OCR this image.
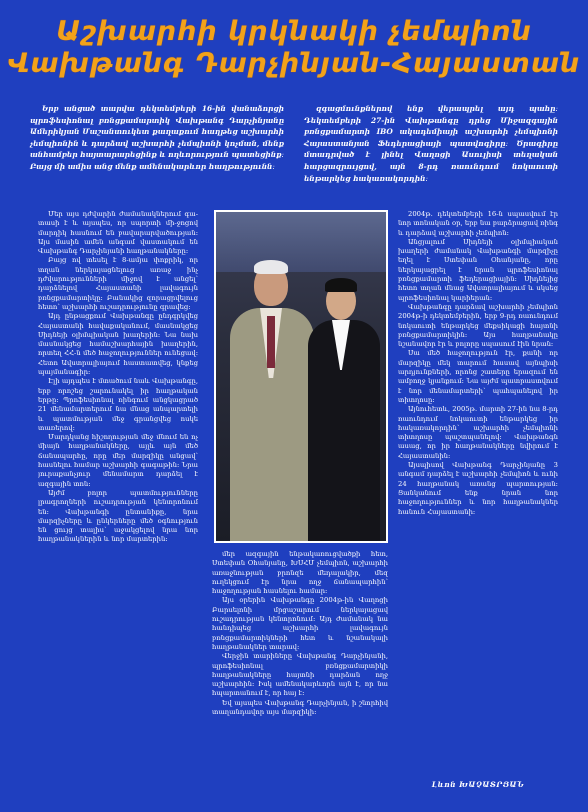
Աշխարհի կրկնակի չեմպիոն
Վախթանգ Դարչինյան-Հայաստան

Երբ անցած տարվա դեկտեմբերի 16-ին վանաձորցի պրոֆեսիոնալ բռնցքամարտիկ Վախթանգ Դարչինյանը Ամերիկյան Մաշանտուկետ քաղաքում հաղթեց աշխարհի չեմպիոնին և դարձավ աշխարհի չեմպիոնի կոչման, մենք անհամբեր հայտարարեցինք և ողևորություն պատեցինք։ Բայց մի ամիս անց մենք ամենակարևոր հաղթությունն։

զգացմունքներով ենք վերապրել այդ պահը։ Դեկտեմբերի 27-ին Վախթանգը դրեց Միջազգային բռնցքամարտի IBO ակադեմիայի աշխարհի չեմպիոնի Հայաստանյան Ֆեդերացիայի պատվոգիրը։ Ծրագիրը մտադրված է լինել Վաղոցի Ասուլիսի տեղական հարցազրույցով, այն 8-րդ ռաունդում նոկաուտի ենթարկեց հակառակորդին։

Մեր այս դժվարին ժամանակներում գա-տասի է և այսպես, որ սպորտի մի-ջոցով մարդիկ հասնում են բավարարվածության։ Այս մասին ամեն անգամ վաստակում են Վախթանգ Դարչինյանի հաղթանակները։

Բայց ով տեսել է 8-ամյա փոքրիկ, որ տղան ներկայացնելուց առաջ ինչ դժվարությունների միջով է անցել՝ դարձնելով Հայաստանի լավագույն բռնցքամարտիկը։ Բանակից զորացրվելուց հետո՝ աշխարհի ուշադրությունը գրավեց։

Այդ ընթացքում Վախթանգը ընդգրկվեց Հայաստանի հավաքականում, մասնակցեց Սիդնեյի օլիմպիական խաղերին։ Նա նախ մասնակցեց համաշխարհային խաղերին, որտեղ ՀՀ-ն մեծ հաջողություններ ունեցավ։ Հետո Ավստրալիայում հաստատվեց, կնքեց պայմանագիր։

Էլի այդպես է մտածում նաև Վախթանգը, երբ որոշեց շարունակել իր հաղթական երթը։ Պրոֆեսիոնալ ռինգում անցկացրած 21 մենամարտերում նա մնաց անպարտելի և պատմության մեջ գրանցվեց ոսկե տառերով։

Մարդկանց հիշողության մեջ մնում են ոչ միայն հաղթանակները, այլև այն մեծ ճանապարհը, որը մեր մարզիկը անցավ՝ հասնելու համար աշխարհի գագաթին։ Նրա յուրաքանչյուր մենամարտ դարձել է ազգային տոն։

Այժմ բոլոր պատմությունները լրագրողների ուշադրության կենտրոնում են։ Վախթանգի ընտանիքը, նրա մարզիչները և ընկերները մեծ օգնություն են ցույց տալիս՝ աջակցելով նրա նոր հաղթանակներին և նոր մարտերին։

մեր ազգային ենթակառուցվածքի հետ, Ստեփան Օհանյանը, ԽՍՀՄ չեմպիոն, աշխարհի առաջնության բրոնզե մեդալակիր, մեզ ուղեկցում էր նրա ողջ ճանապարհին՝ հաջողության հասնելու համար։

Այս օրերին Վախթանգը 2004թ-ին Վաղոցի Բարսելոնի մրցաշարում ներկայացավ ուշադրության կենտրոնում։ Այդ ժամանակ նա հանդիպեց աշխարհի լավագույն բռնցքամարտիկների հետ և նշանակալի հաղթանակներ տարավ։

Վերջին տարիները Վախթանգ Դարչինյանի, պրոֆեսիոնալ բռնցքամարտիկի հաղթանակները հայտնի դարձան ողջ աշխարհին։ Իսկ ամենակարևորն այն է, որ նա հպարտանում է, որ հայ է։

Եվ այսպես Վախթանգ Դարչինյան, ի շնորհիվ տաղանդավոր այս մարզիկի։

2004թ. դեկտեմբերի 16-ն սպասվում էր նոր տոնական օր, երբ նա բարձրացավ ռինգ և դարձավ աշխարհի չեմպիոն։

Անցյալում Սիդնեյի օլիմպիական խաղերի ժամանակ Վախթանգի մարզիչը եղել է Ստեփան Օհանյանը, որը ներկայացրել է նրան պրոֆեսիոնալ բռնցքամարտի ֆեդերացիային։ Սիդնեյից հետո տղան մնաց Ավստրալիայում և սկսեց պրոֆեսիոնալ կարիերան։

Վախթանգը դարձավ աշխարհի չեմպիոն 2004թ-ի դեկտեմբերին, երբ 9-րդ ռաունդում նոկաուտի ենթարկեց մեքսիկացի հայտնի բռնցքամարտիկին։ Այս հաղթանակը նշանավոր էր և բոլորը սպասում էին նրան։

Սա մեծ հաջողություն էր, քանի որ մարզիկը մեկ տարում հասավ այնպիսի արդյունքների, որոնց շատերը երազում են ամբողջ կյանքում։ Նա այժմ պատրաստվում է նոր մենամարտերի՝ պահպանելով իր տիտղոսը։

Այնուհետև, 2005թ. մարտի 27-ին նա 8-րդ ռաունդում նոկաուտի ենթարկեց իր հակառակորդին՝ աշխարհի չեմպիոնի տիտղոսը պաշտպանելով։ Վախթանգն ասաց, որ իր հաղթանակները նվիրում է Հայաստանին։

Այսպիսով Վախթանգ Դարչինյանը 3 անգամ դարձել է աշխարհի չեմպիոն և ունի 24 հաղթանակ առանց պարտության։ Ցանկանում ենք նրան նոր հաջողություններ և նոր հաղթանակներ հանուն Հայաստանի։

Լևոն ԽԱՉԱՏՐՅԱՆ
